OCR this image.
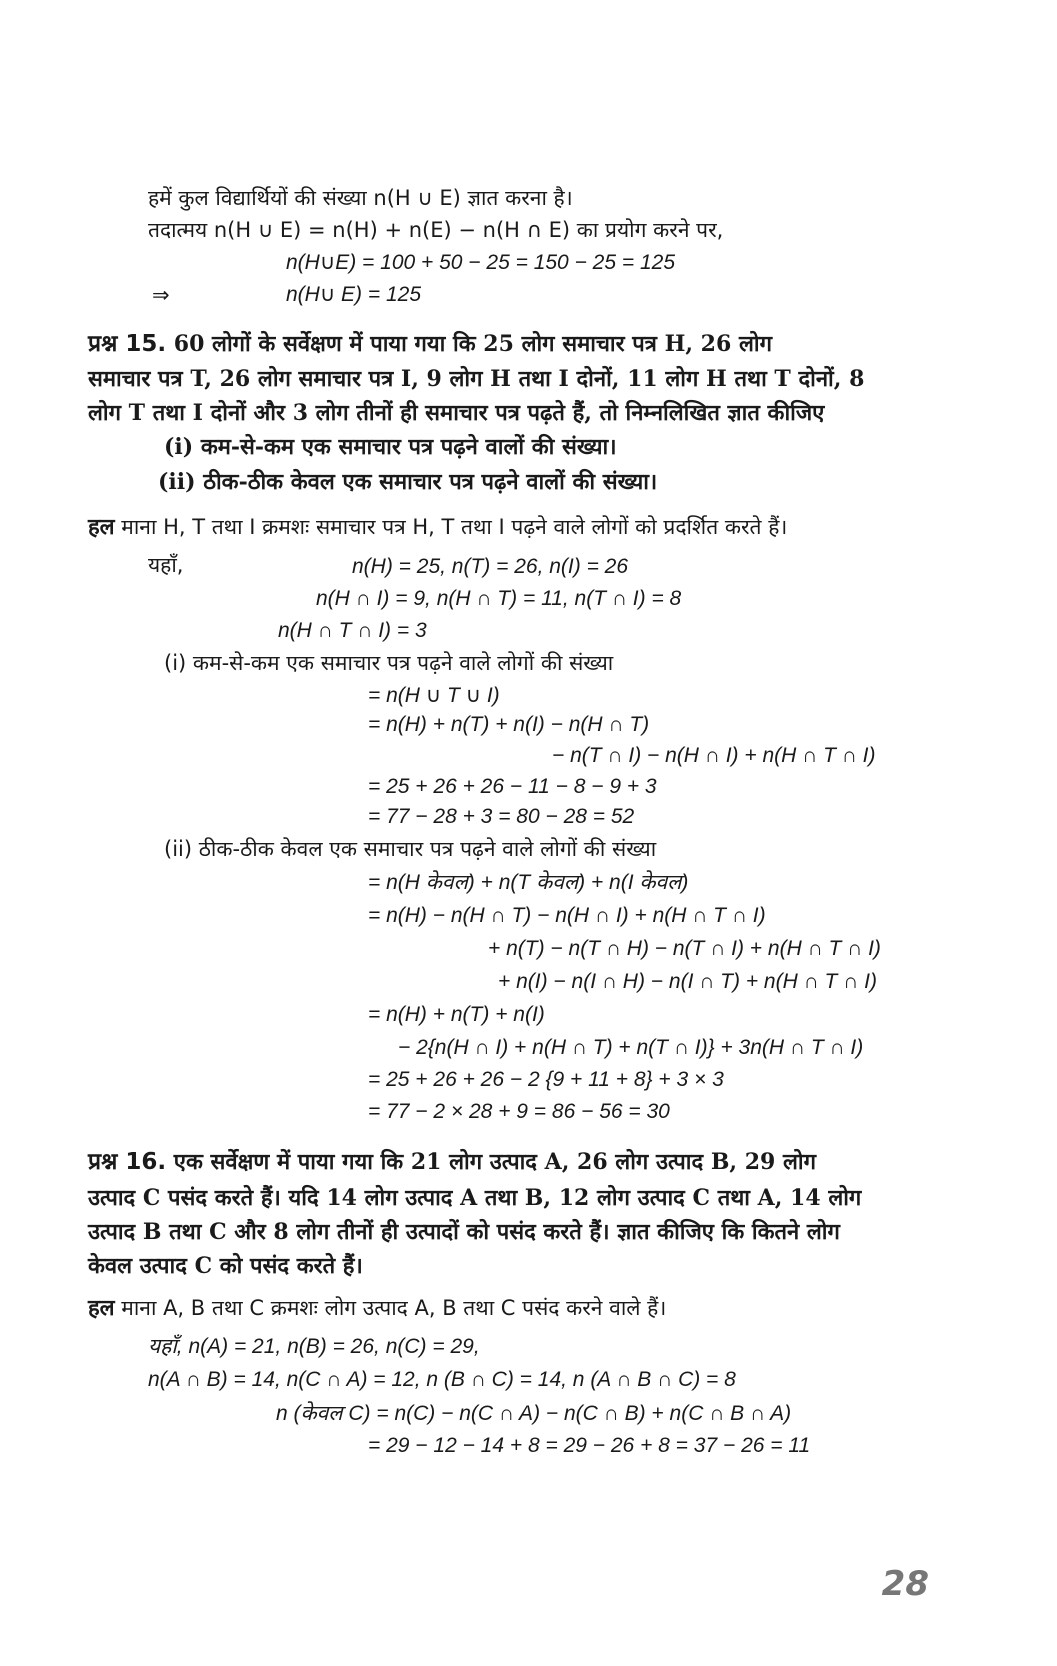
हमें कुल विद्यार्थियों की संख्या n(H ∪ E) ज्ञात करना है।
तदात्मय n(H ∪ E) = n(H) + n(E) − n(H ∩ E) का प्रयोग करने पर,
n(H∪E) = 100 + 50 − 25 = 150 − 25 = 125
⇒	n(H∪ E) = 125
प्रश्न 15. 60 लोगों के सर्वेक्षण में पाया गया कि 25 लोग समाचार पत्र H, 26 लोग
समाचार पत्र T, 26 लोग समाचार पत्र I, 9 लोग H तथा I दोनों, 11 लोग H तथा T दोनों, 8
लोग T तथा I दोनों और 3 लोग तीनों ही समाचार पत्र पढ़ते हैं, तो निम्नलिखित ज्ञात कीजिए
(i) कम-से-कम एक समाचार पत्र पढ़ने वालों की संख्या।
(ii) ठीक-ठीक केवल एक समाचार पत्र पढ़ने वालों की संख्या।
हल माना H, T तथा I क्रमशः समाचार पत्र H, T तथा I पढ़ने वाले लोगों को प्रदर्शित करते हैं।
यहाँ,	n(H) = 25, n(T) = 26, n(I) = 26
n(H ∩ I) = 9, n(H ∩ T) = 11, n(T ∩ I) = 8
n(H ∩ T ∩ I) = 3
(i) कम-से-कम एक समाचार पत्र पढ़ने वाले लोगों की संख्या
= n(H ∪ T ∪ I)
= n(H) + n(T) + n(I) − n(H ∩ T)
− n(T ∩ I) − n(H ∩ I) + n(H ∩ T ∩ I)
= 25 + 26 + 26 − 11 − 8 − 9 + 3
= 77 − 28 + 3 = 80 − 28 = 52
(ii) ठीक-ठीक केवल एक समाचार पत्र पढ़ने वाले लोगों की संख्या
= n(H केवल) + n(T केवल) + n(I केवल)
= n(H) − n(H ∩ T) − n(H ∩ I) + n(H ∩ T ∩ I)
+ n(T) − n(T ∩ H) − n(T ∩ I) + n(H ∩ T ∩ I)
+ n(I) − n(I ∩ H) − n(I ∩ T) + n(H ∩ T ∩ I)
= n(H) + n(T) + n(I)
− 2{n(H ∩ I) + n(H ∩ T) + n(T ∩ I)} + 3n(H ∩ T ∩ I)
= 25 + 26 + 26 − 2 {9 + 11 + 8} + 3 × 3
= 77 − 2 × 28 + 9 = 86 − 56 = 30
प्रश्न 16. एक सर्वेक्षण में पाया गया कि 21 लोग उत्पाद A, 26 लोग उत्पाद B, 29 लोग
उत्पाद C पसंद करते हैं। यदि 14 लोग उत्पाद A तथा B, 12 लोग उत्पाद C तथा A, 14 लोग
उत्पाद B तथा C और 8 लोग तीनों ही उत्पादों को पसंद करते हैं। ज्ञात कीजिए कि कितने लोग
केवल उत्पाद C को पसंद करते हैं।
हल माना A, B तथा C क्रमशः लोग उत्पाद A, B तथा C पसंद करने वाले हैं।
यहाँ, n(A) = 21, n(B) = 26, n(C) = 29,
n(A ∩ B) = 14, n(C ∩ A) = 12, n (B ∩ C) = 14, n (A ∩ B ∩ C) = 8
n (केवल C) = n(C) − n(C ∩ A) − n(C ∩ B) + n(C ∩ B ∩ A)
= 29 − 12 − 14 + 8 = 29 − 26 + 8 = 37 − 26 = 11
28
